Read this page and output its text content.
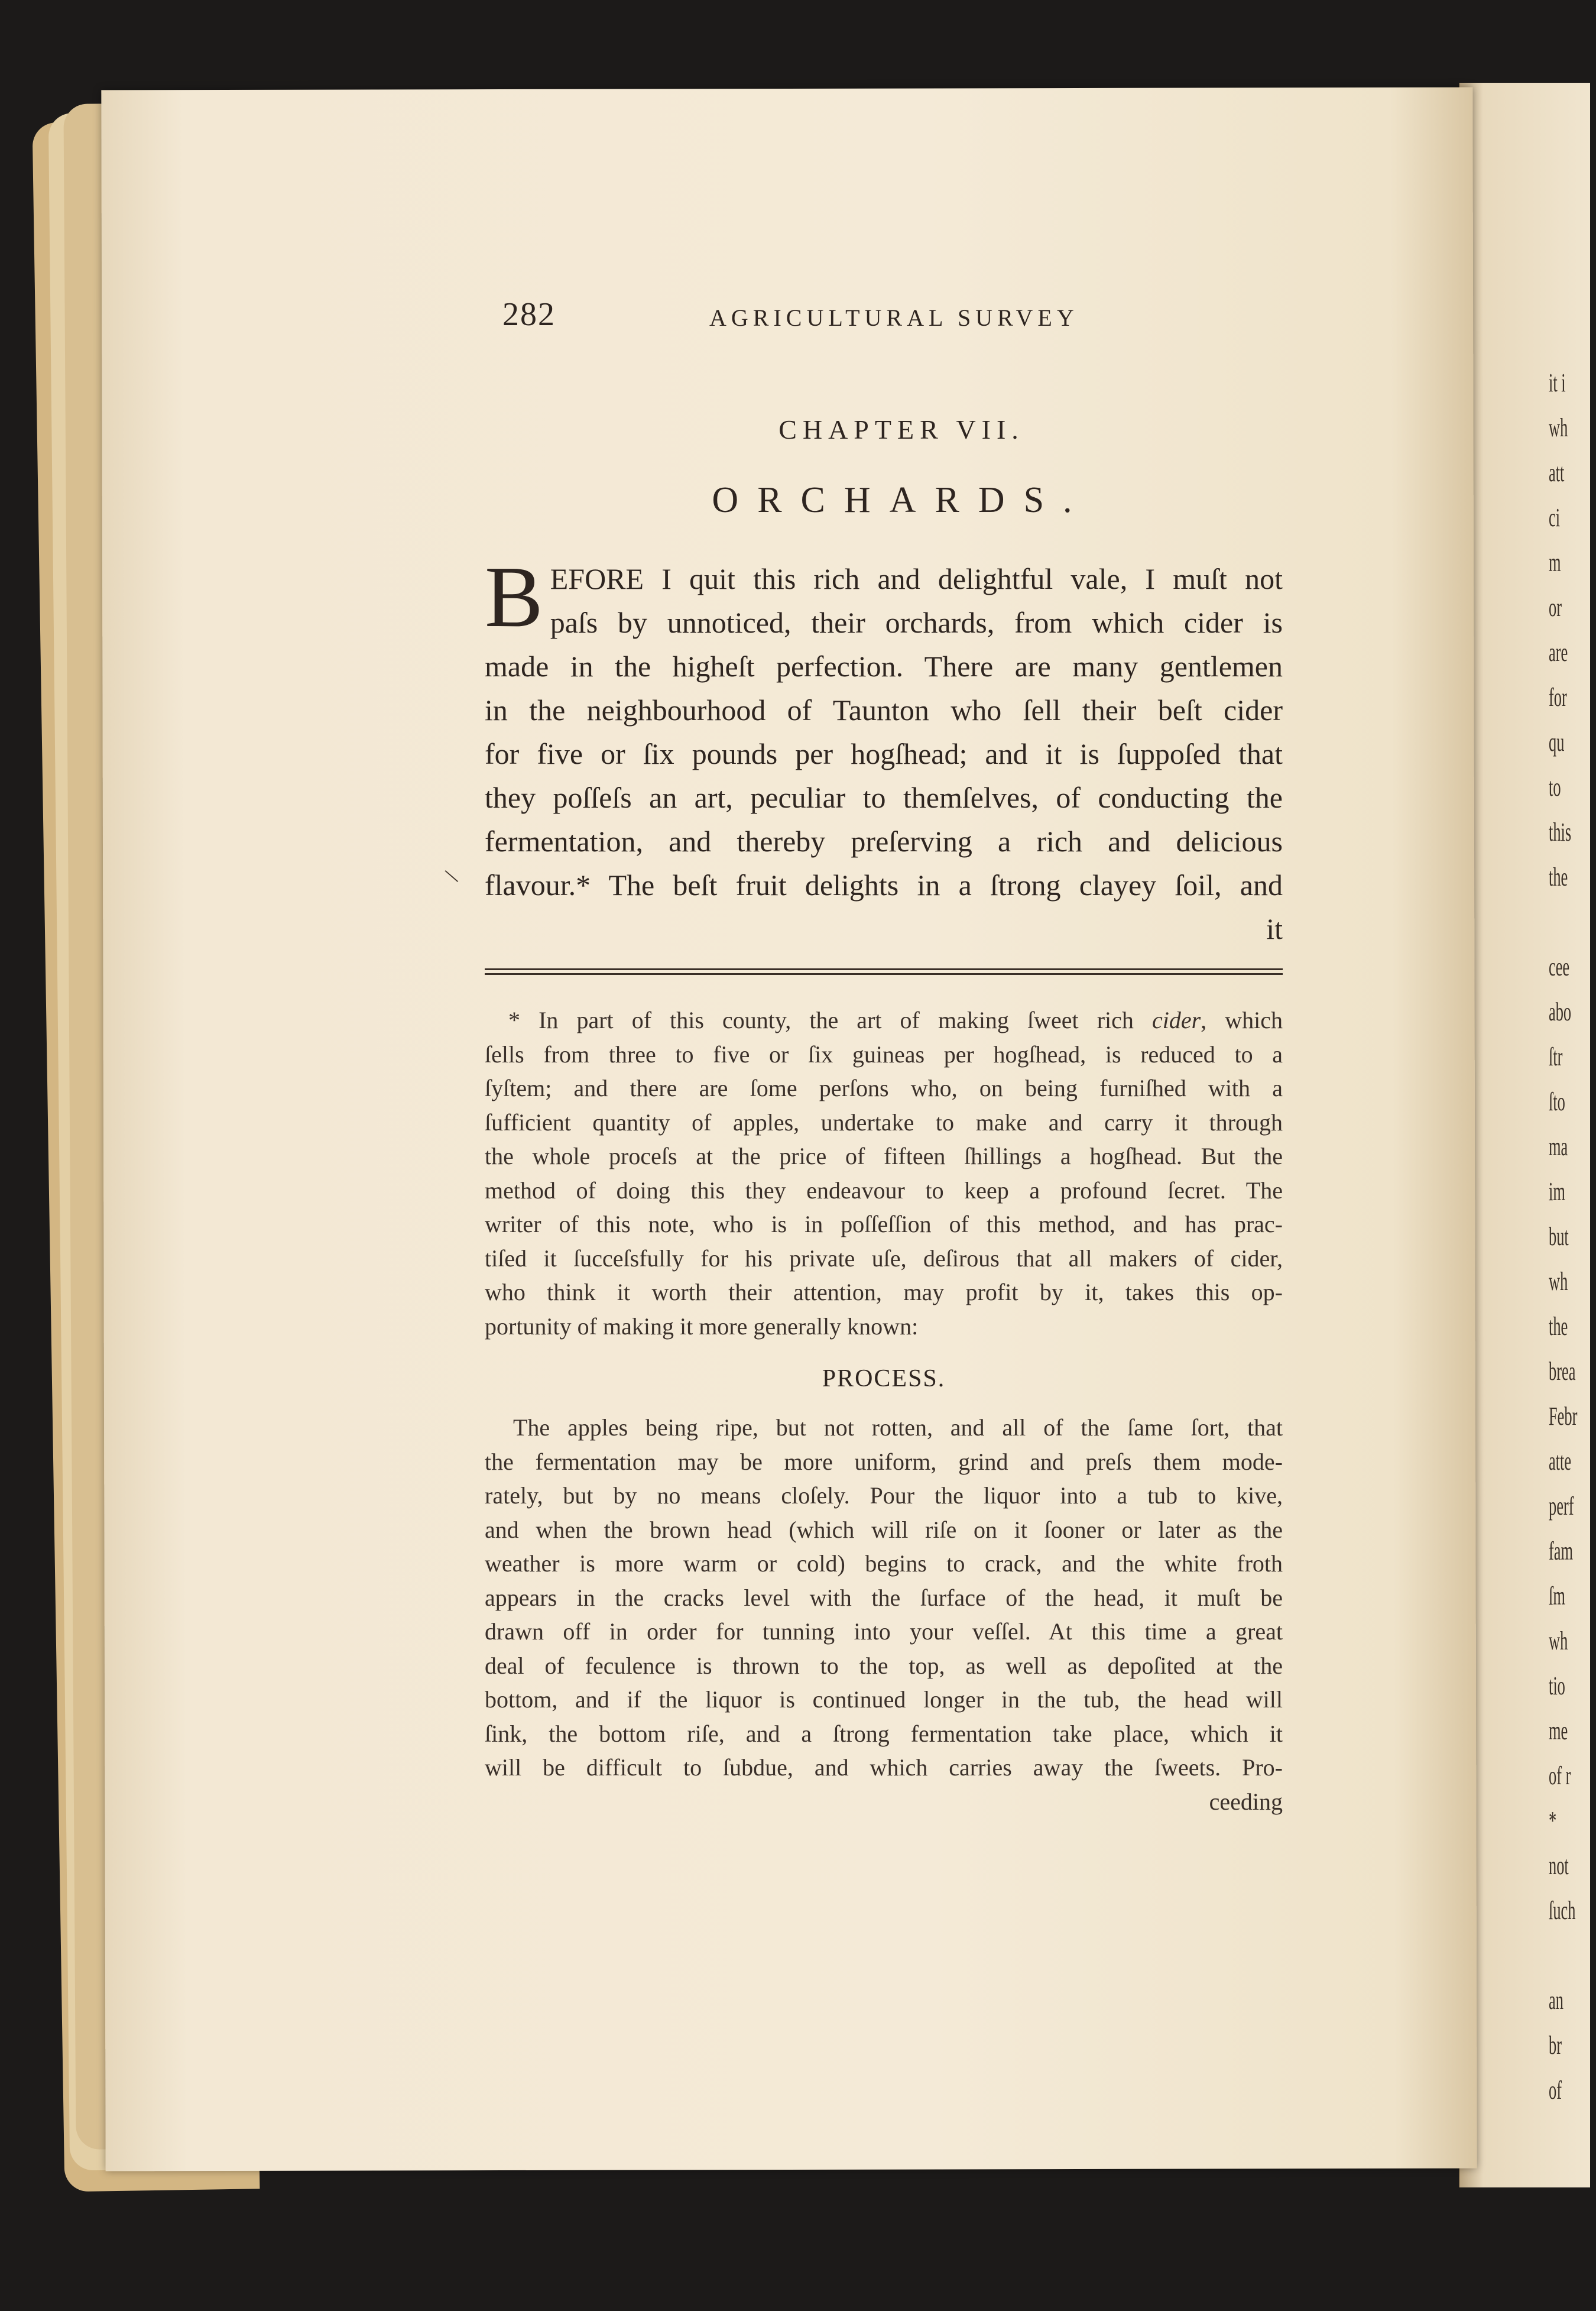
it i
wh
att
ci
m
or
are
for
qu
to
this
the
cee
abo
ſtr
ſto
ma
im
but
wh
the
brea
Febr
atte
perf
fam
ſm
wh
tio
me
of r
*
not
ſuch
an
br
of
\
282	AGRICULTURAL SURVEY
CHAPTER VII.
ORCHARDS.
B EFORE I quit this rich and delightful vale, I muſt not
paſs by unnoticed, their orchards, from which cider is
made in the higheſt perfection. There are many gentlemen
in the neighbourhood of Taunton who ſell their beſt cider
for five or ſix pounds per hogſhead; and it is ſuppoſed that
they poſſeſs an art, peculiar to themſelves, of conducting the
fermentation, and thereby preſerving a rich and delicious
flavour.* The beſt fruit delights in a ſtrong clayey ſoil, and
it
* In part of this county, the art of making ſweet rich cider, which
ſells from three to five or ſix guineas per hogſhead, is reduced to a
ſyſtem; and there are ſome perſons who, on being furniſhed with a
ſufficient quantity of apples, undertake to make and carry it through
the whole proceſs at the price of fifteen ſhillings a hogſhead. But the
method of doing this they endeavour to keep a profound ſecret. The
writer of this note, who is in poſſeſſion of this method, and has prac-
tiſed it ſucceſsfully for his private uſe, deſirous that all makers of cider,
who think it worth their attention, may profit by it, takes this op-
portunity of making it more generally known:
PROCESS.
The apples being ripe, but not rotten, and all of the ſame ſort, that
the fermentation may be more uniform, grind and preſs them mode-
rately, but by no means cloſely. Pour the liquor into a tub to kive,
and when the brown head (which will riſe on it ſooner or later as the
weather is more warm or cold) begins to crack, and the white froth
appears in the cracks level with the ſurface of the head, it muſt be
drawn off in order for tunning into your veſſel. At this time a great
deal of feculence is thrown to the top, as well as depoſited at the
bottom, and if the liquor is continued longer in the tub, the head will
ſink, the bottom riſe, and a ſtrong fermentation take place, which it
will be difficult to ſubdue, and which carries away the ſweets. Pro-
ceeding
